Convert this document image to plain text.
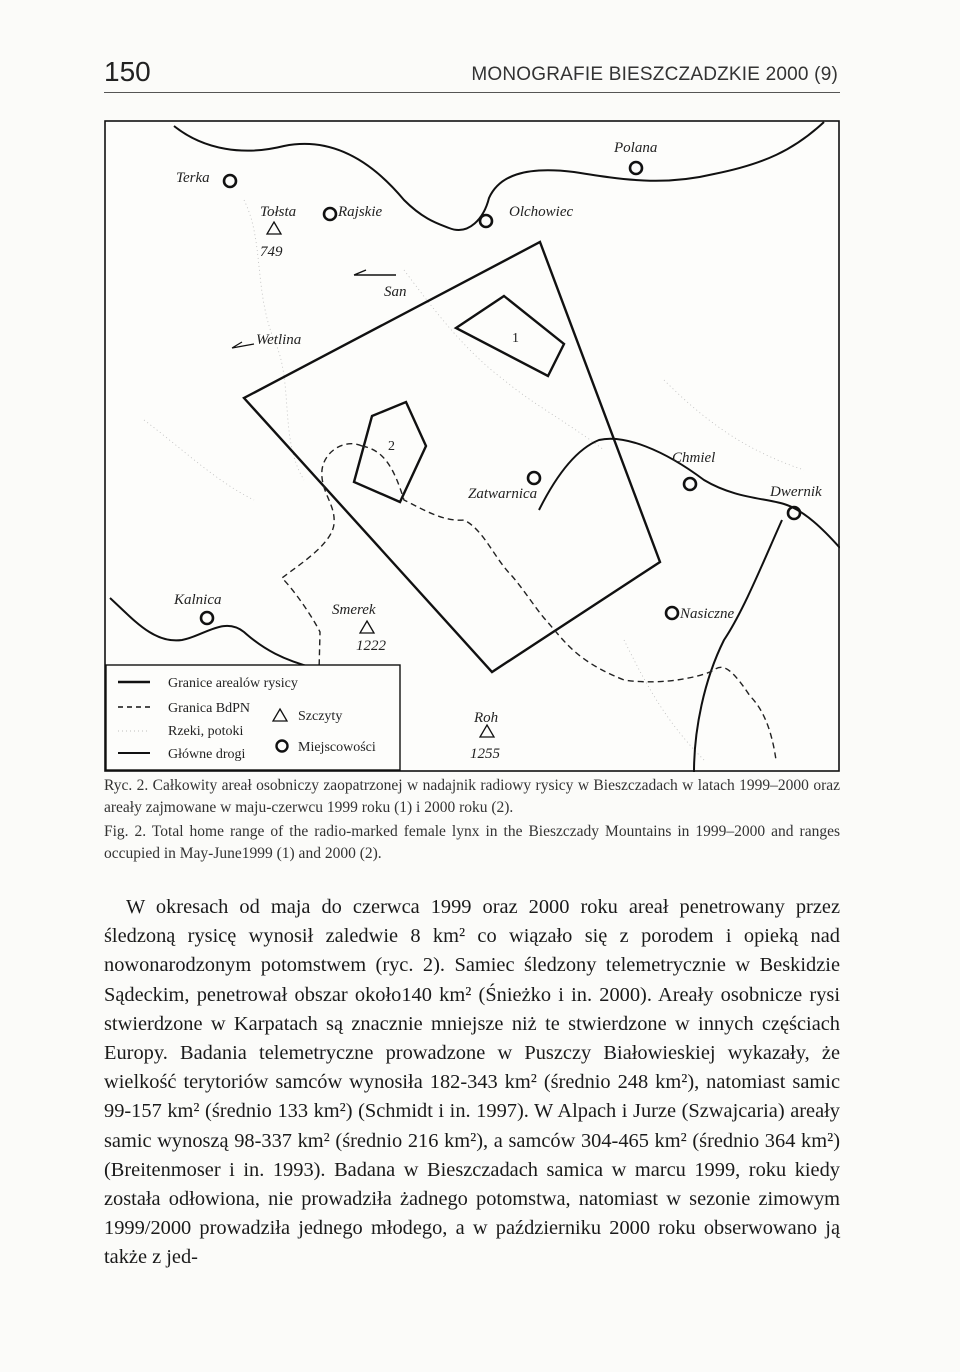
150	MONOGRAFIE BIESZCZADZKIE 2000 (9)
Terka
Tołsta
749
Rajskie	Olchowiec
Polana
San
Wetlina
Chmiel
Dwernik
Zatwarnica
Kalnica
Smerek
1222
Nasiczne
Roh
1255
1
2
Granice arealów rysicy
Granica BdPN
Rzeki, potoki
Główne drogi
Szczyty
Miejscowości

Ryc. 2. Całkowity areał osobniczy zaopatrzonej w nadajnik radiowy rysicy w Bieszczadach w latach 1999–2000 oraz areały zajmowane w maju-czerwcu 1999 roku (1) i 2000 roku (2).

Fig. 2. Total home range of the radio-marked female lynx in the Bieszczady Mountains in 1999–2000 and ranges occupied in May-June1999 (1) and 2000 (2).

W okresach od maja do czerwca 1999 oraz 2000 roku areał penetrowany przez śledzoną rysicę wynosił zaledwie 8 km² co wiązało się z porodem i opieką nad nowonarodzonym potomstwem (ryc. 2). Samiec śledzony telemetrycznie w Beskidzie Sądeckim, penetrował obszar około140 km² (Śnieżko i in. 2000). Areały osobnicze rysi stwierdzone w Karpatach są znacznie mniejsze niż te stwierdzone w innych częściach Europy. Badania telemetryczne prowadzone w Puszczy Białowieskiej wykazały, że wielkość terytoriów samców wynosiła 182-343 km² (średnio 248 km²), natomiast samic 99-157 km² (średnio 133 km²) (Schmidt i in. 1997). W Alpach i Jurze (Szwajcaria) areały samic wynoszą 98-337 km² (średnio 216 km²), a samców 304-465 km² (średnio 364 km²) (Breitenmoser i in. 1993). Badana w Bieszczadach samica w marcu 1999, roku kiedy została odłowiona, nie prowadziła żadnego potomstwa, natomiast w sezonie zimowym 1999/2000 prowadziła jednego młodego, a w październiku 2000 roku obserwowano ją także z jed-
